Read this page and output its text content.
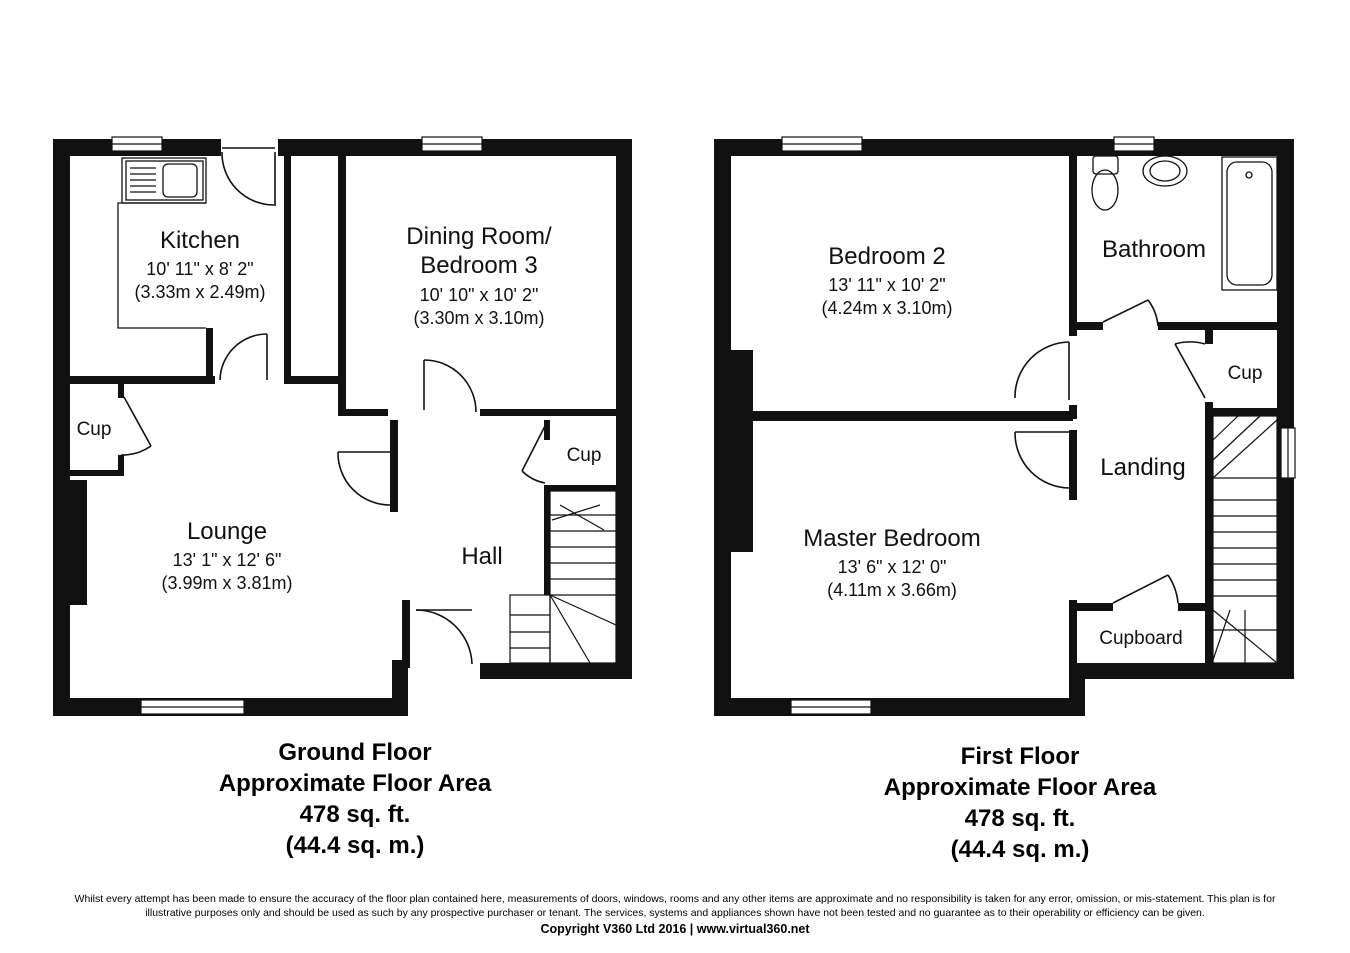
Kitchen
10' 11" x 8' 2"
(3.33m x 2.49m)
Dining Room/
Bedroom 3
10' 10" x 10' 2"
(3.30m x 3.10m)
Lounge
13' 1" x 12' 6"
(3.99m x 3.81m)
Hall
Cup
Cup
Bedroom 2
13' 11" x 10' 2"
(4.24m x 3.10m)
Bathroom
Cup
Landing
Master Bedroom
13' 6" x 12' 0"
(4.11m x 3.66m)
Cupboard
Ground Floor
Approximate Floor Area
478 sq. ft.
(44.4 sq. m.)
First Floor
Approximate Floor Area
478 sq. ft.
(44.4 sq. m.)
Whilst every attempt has been made to ensure the accuracy of the floor plan contained here, measurements of doors, windows, rooms and any other items are approximate and no responsibility is taken for any error, omission, or mis-statement. This plan is for
illustrative purposes only and should be used as such by any prospective purchaser or tenant. The services, systems and appliances shown have not been tested and no guarantee as to their operability or efficiency can be given.
Copyright V360 Ltd 2016 | www.virtual360.net
